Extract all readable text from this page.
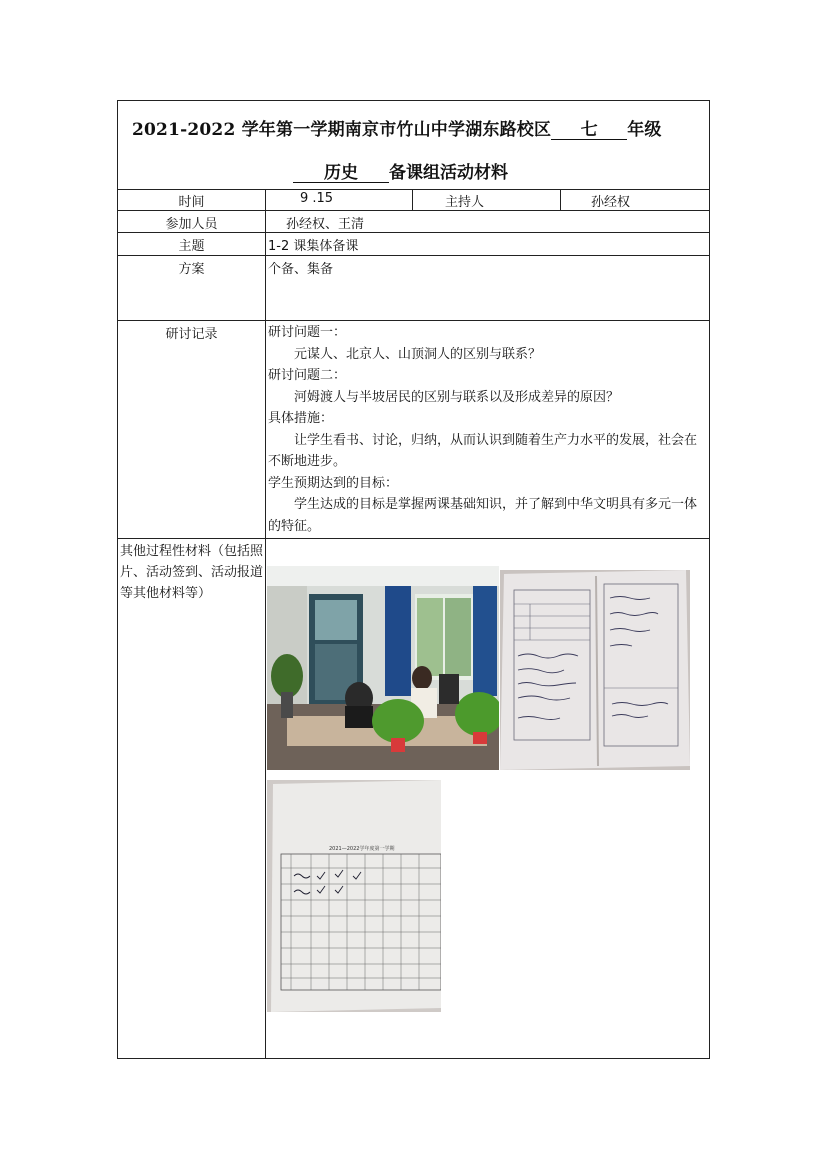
2021-2022 学年第一学期南京市竹山中学湖东路校区 七 年级
历史 备课组活动材料
时间	9 .15	主持人	孙经权
参加人员	孙经权、王清
主题	1-2 课集体备课
方案	个备、集备
研讨记录	研讨问题一：

元谋人、北京人、山顶洞人的区别与联系？

研讨问题二：

河姆渡人与半坡居民的区别与联系以及形成差异的原因？

具体措施：

让学生看书、讨论，归纳，从而认识到随着生产力水平的发展，社会在不断地进步。

学生预期达到的目标：

学生达成的目标是掌握两课基础知识，并了解到中华文明具有多元一体的特征。

其他过程性材料（包括照片、活动签到、活动报道等其他材料等）
2021—2022学年度第一学期
